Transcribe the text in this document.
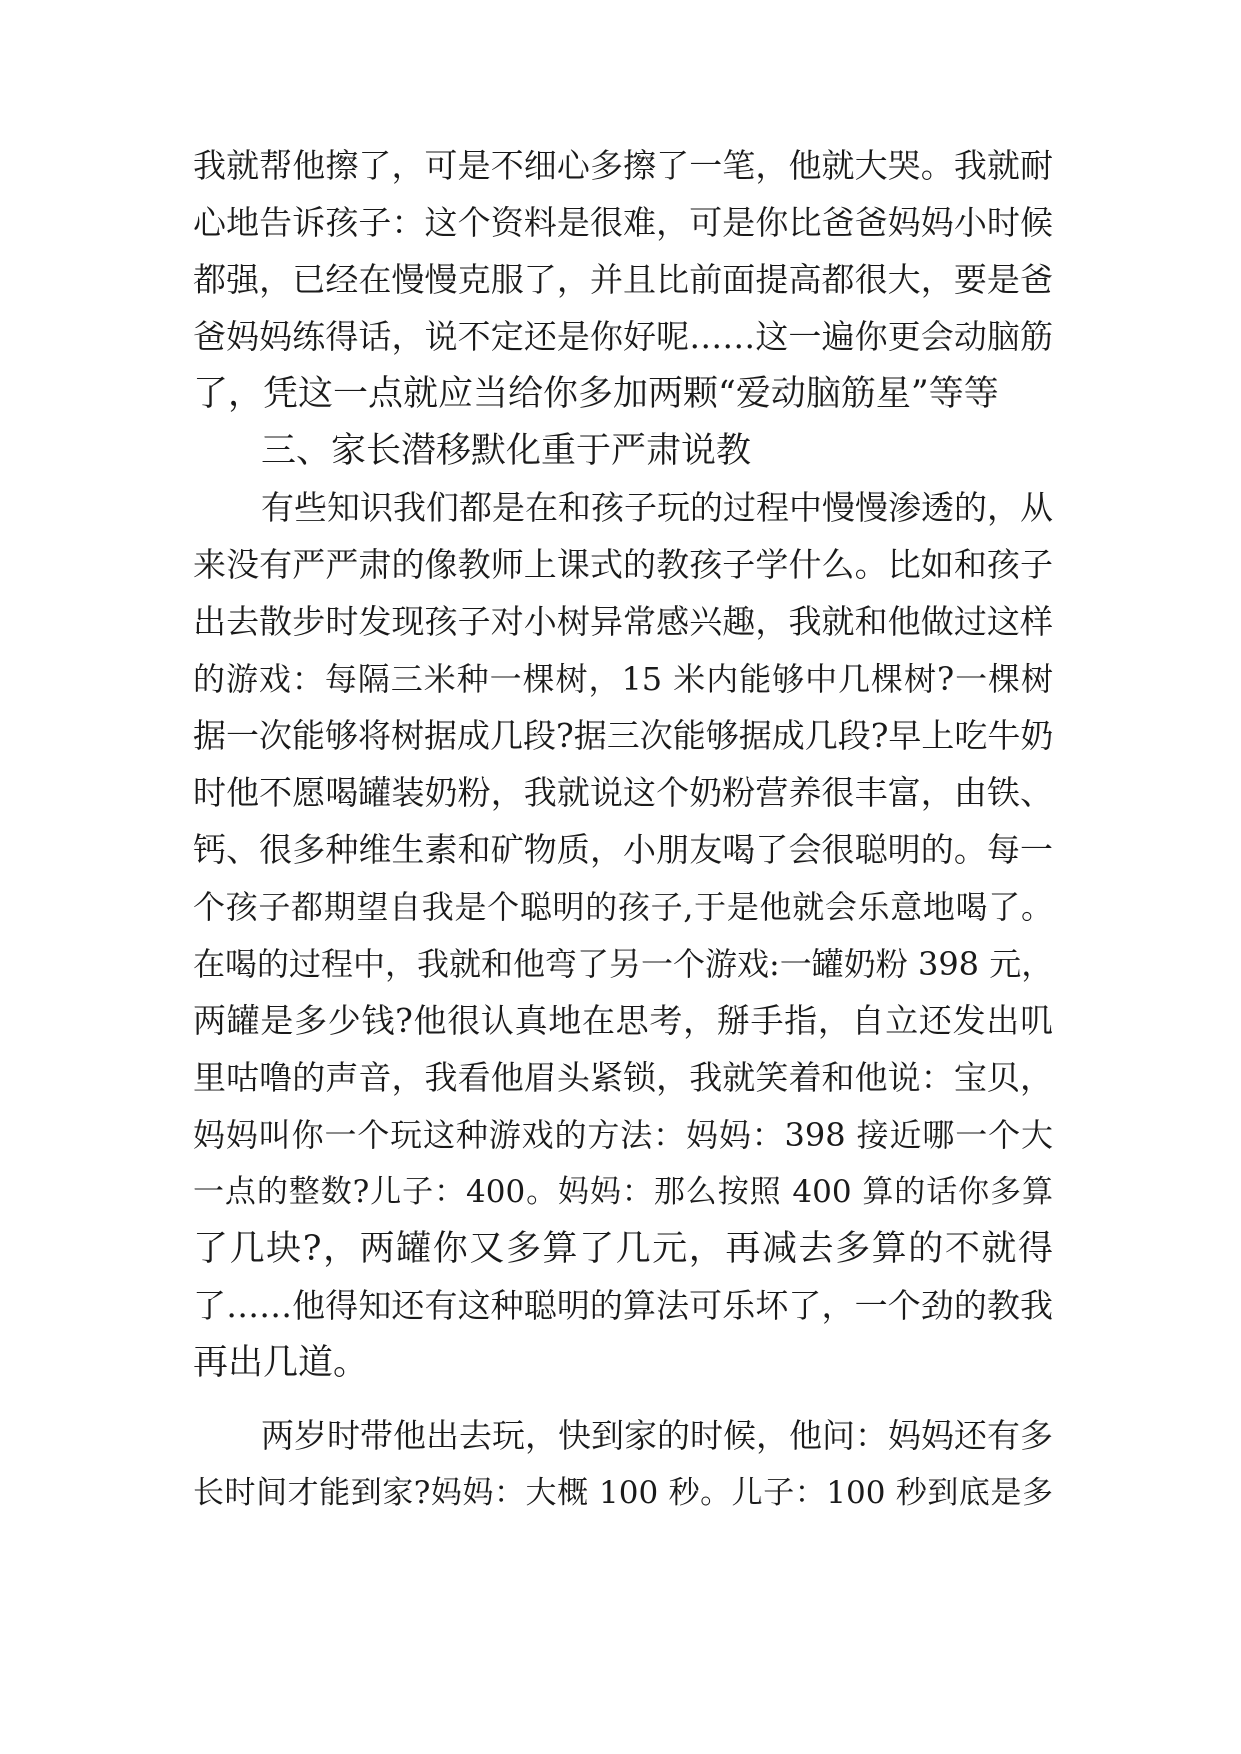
我就帮他擦了，可是不细心多擦了一笔，他就大哭。我就耐
心地告诉孩子：这个资料是很难，可是你比爸爸妈妈小时候
都强，已经在慢慢克服了，并且比前面提高都很大，要是爸
爸妈妈练得话，说不定还是你好呢……这一遍你更会动脑筋
了，凭这一点就应当给你多加两颗“爱动脑筋星”等等
三、家长潜移默化重于严肃说教
有些知识我们都是在和孩子玩的过程中慢慢渗透的，从
来没有严严肃的像教师上课式的教孩子学什么。比如和孩子
出去散步时发现孩子对小树异常感兴趣，我就和他做过这样
的游戏：每隔三米种一棵树，15 米内能够中几棵树?一棵树
据一次能够将树据成几段?据三次能够据成几段?早上吃牛奶
时他不愿喝罐装奶粉，我就说这个奶粉营养很丰富，由铁、
钙、很多种维生素和矿物质，小朋友喝了会很聪明的。每一
个孩子都期望自我是个聪明的孩子,于是他就会乐意地喝了。
在喝的过程中，我就和他弯了另一个游戏:一罐奶粉 398 元，
两罐是多少钱?他很认真地在思考，掰手指，自立还发出叽
里咕噜的声音，我看他眉头紧锁，我就笑着和他说：宝贝，
妈妈叫你一个玩这种游戏的方法：妈妈：398 接近哪一个大
一点的整数?儿子：400。妈妈：那么按照 400 算的话你多算
了几块?，两罐你又多算了几元，再减去多算的不就得
了……他得知还有这种聪明的算法可乐坏了，一个劲的教我
再出几道。
两岁时带他出去玩，快到家的时候，他问：妈妈还有多
长时间才能到家?妈妈：大概 100 秒。儿子：100 秒到底是多
